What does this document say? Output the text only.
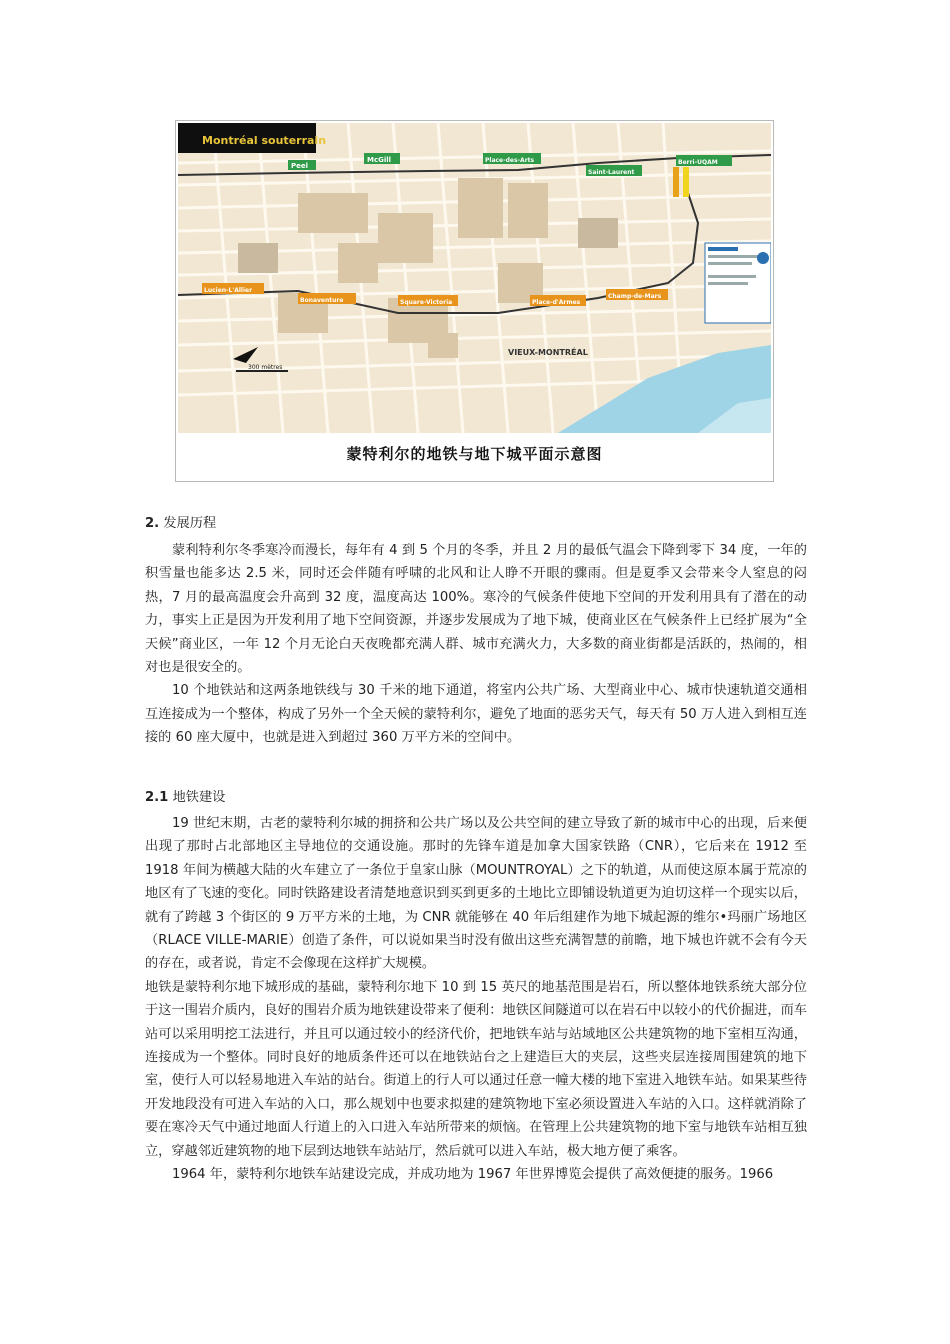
Montréal souterrain
Peel
McGill	Place-des-Arts
Saint-Laurent
Berri-UQAM
Lucien-L'Allier
Bonaventure	Square-Victoria	Place-d'Armes
Champ-de-Mars
VIEUX-MONTRÉAL
300 mètres
蒙特利尔的地铁与地下城平面示意图
2. 发展历程

蒙利特利尔冬季寒冷而漫长，每年有 4 到 5 个月的冬季，并且 2 月的最低气温会下降到零下 34 度，一年的积雪量也能多达 2.5 米，同时还会伴随有呼啸的北风和让人睁不开眼的骤雨。但是夏季又会带来令人窒息的闷热，7 月的最高温度会升高到 32 度，温度高达 100%。寒冷的气候条件使地下空间的开发利用具有了潜在的动力，事实上正是因为开发利用了地下空间资源，并逐步发展成为了地下城，使商业区在气候条件上已经扩展为“全天候”商业区，一年 12 个月无论白天夜晚都充满人群、城市充满火力，大多数的商业街都是活跃的，热闹的，相对也是很安全的。

10 个地铁站和这两条地铁线与 30 千米的地下通道，将室内公共广场、大型商业中心、城市快速轨道交通相互连接成为一个整体，构成了另外一个全天候的蒙特利尔，避免了地面的恶劣天气，每天有 50 万人进入到相互连接的 60 座大厦中，也就是进入到超过 360 万平方米的空间中。

2.1 地铁建设

19 世纪末期，古老的蒙特利尔城的拥挤和公共广场以及公共空间的建立导致了新的城市中心的出现，后来便出现了那时占北部地区主导地位的交通设施。那时的先锋车道是加拿大国家铁路（CNR），它后来在 1912 至 1918 年间为横越大陆的火车建立了一条位于皇家山脉（MOUNTROYAL）之下的轨道，从而使这原本属于荒凉的地区有了飞速的变化。同时铁路建设者清楚地意识到买到更多的土地比立即铺设轨道更为迫切这样一个现实以后，就有了跨越 3 个街区的 9 万平方米的土地，为 CNR 就能够在 40 年后组建作为地下城起源的维尔•玛丽广场地区（RLACE VILLE-MARIE）创造了条件，可以说如果当时没有做出这些充满智慧的前瞻，地下城也许就不会有今天的存在，或者说，肯定不会像现在这样扩大规模。

地铁是蒙特利尔地下城形成的基础，蒙特利尔地下 10 到 15 英尺的地基范围是岩石，所以整体地铁系统大部分位于这一围岩介质内，良好的围岩介质为地铁建设带来了便利：地铁区间隧道可以在岩石中以较小的代价掘进，而车站可以采用明挖工法进行，并且可以通过较小的经济代价，把地铁车站与站域地区公共建筑物的地下室相互沟通，连接成为一个整体。同时良好的地质条件还可以在地铁站台之上建造巨大的夹层，这些夹层连接周围建筑的地下室，使行人可以轻易地进入车站的站台。街道上的行人可以通过任意一幢大楼的地下室进入地铁车站。如果某些待开发地段没有可进入车站的入口，那么规划中也要求拟建的建筑物地下室必须设置进入车站的入口。这样就消除了要在寒冷天气中通过地面人行道上的入口进入车站所带来的烦恼。在管理上公共建筑物的地下室与地铁车站相互独立，穿越邻近建筑物的地下层到达地铁车站站厅，然后就可以进入车站，极大地方便了乘客。

1964 年，蒙特利尔地铁车站建设完成，并成功地为 1967 年世界博览会提供了高效便捷的服务。1966
